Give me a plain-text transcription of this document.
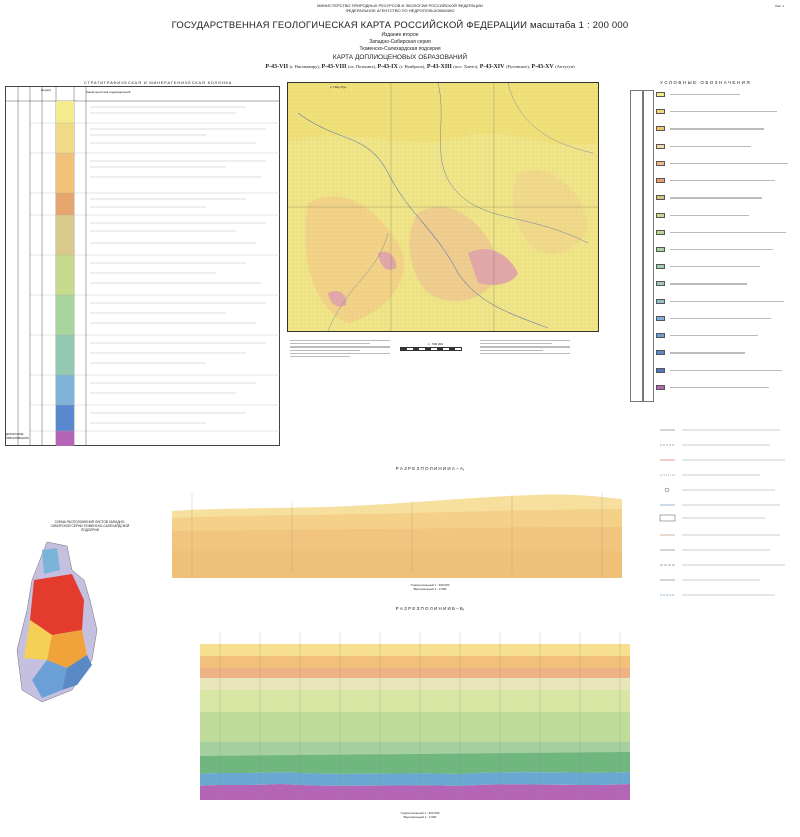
МИНИСТЕРСТВО ПРИРОДНЫХ РЕСУРСОВ И ЭКОЛОГИИ РОССИЙСКОЙ ФЕДЕРАЦИИ
ФЕДЕРАЛЬНОЕ АГЕНТСТВО ПО НЕДРОПОЛЬЗОВАНИЮ
Лист 1
ГОСУДАРСТВЕННАЯ ГЕОЛОГИЧЕСКАЯ КАРТА РОССИЙСКОЙ ФЕДЕРАЦИИ масштаба 1 : 200 000
Издание второе
Западно-Сибирская серия
Тюменско-Салехардская подсерия
КАРТА ДОПЛИОЦЕНОВЫХ ОБРАЗОВАНИЙ
P-43-VII (г. Нягонавиру), P-43-VIII (оз. Потымпэ), P-43-IX (г. Ноябрьск), P-43-XIII (пос. Ханто), P-43-XIV (Русинское), P-43-XV (Аптугун)
СТРАТИГРАФИЧЕСКАЯ И МИНЕРАГЕНИЧЕСКАЯ КОЛОНКА
Характеристика подразделений
Индекс
ДОЮРСКИЕ ОБРАЗОВАНИЯ
р. Пяку-Пур
1 : 500 000
УСЛОВНЫЕ ОБОЗНАЧЕНИЯ
Р А З Р Е З П О Л И Н И И А – А₁
Горизонтальный 1 : 200 000
Вертикальный 1 : 2 000
Р А З Р Е З П О Л И Н И И Б – Б₁
Горизонтальный 1 : 200 000
Вертикальный 1 : 2 000
СХЕМА РАСПОЛОЖЕНИЯ ЛИСТОВ ЗАПАДНО-СИБИРСКОЙ СЕРИИ ТЮМЕНСКО-САЛЕХАРДСКОЙ ПОДСЕРИИ
